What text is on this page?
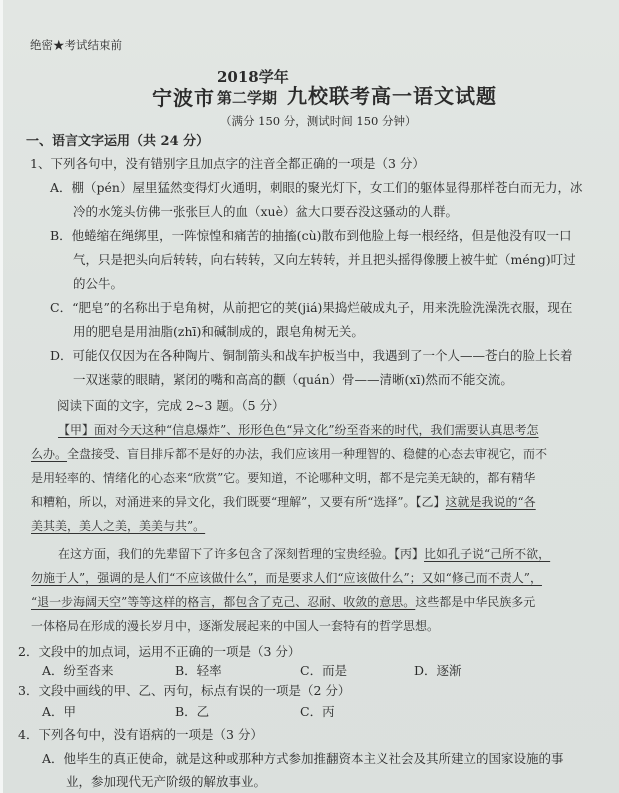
绝密★考试结束前
宁波市
2018学年
第二学期 九校联考高一语文试题
（满分 150 分，测试时间 150 分钟）
一、语言文字运用（共 24 分）
1、下列各句中，没有错别字且加点字的注音全都正确的一项是（3 分）
A．棚（pén）屋里猛然变得灯火通明，刺眼的聚光灯下，女工们的躯体显得那样苍白而无力，冰
冷的水笼头仿佛一张张巨人的血（xuè）盆大口要吞没这骚动的人群。
B．他蜷缩在绳绑里，一阵惊惶和痛苦的抽搐(cù)散布到他脸上每一根经络，但是他没有叹一口
气，只是把头向后转转，向右转转，又向左转转，并且把头摇得像腰上被牛虻（méng)叮过
的公牛。
C．“肥皂”的名称出于皂角树，从前把它的荚(jiá)果捣烂破成丸子，用来洗脸洗澡洗衣服，现在
用的肥皂是用油脂(zhī)和碱制成的，跟皂角树无关。
D．可能仅仅因为在各种陶片、铜制箭头和战车护板当中，我遇到了一个人——苍白的脸上长着
一双迷蒙的眼睛，紧闭的嘴和高高的颧（quán）骨——清晰(xī)然而不能交流。
阅读下面的文字，完成 2~3 题。（5 分）
【甲】面对今天这种“信息爆炸”、形形色色“异文化”纷至沓来的时代，我们需要认真思考怎
么办。全盘接受、盲目排斥都不是好的办法，我们应该用一种理智的、稳健的心态去审视它，而不
是用轻率的、情绪化的心态来“欣赏”它。要知道，不论哪种文明，都不是完美无缺的，都有精华
和糟粕，所以，对涌进来的异文化，我们既要“理解”，又要有所“选择”。【乙】这就是我说的“各
美其美，美人之美，美美与共”。
在这方面，我们的先辈留下了许多包含了深刻哲理的宝贵经验。【丙】比如孔子说“己所不欲，
勿施于人”，强调的是人们“不应该做什么”，而是要求人们“应该做什么”；又如“修己而不责人”，
“退一步海阔天空”等等这样的格言，都包含了克己、忍耐、收敛的意思。这些都是中华民族多元
一体格局在形成的漫长岁月中，逐渐发展起来的中国人一套特有的哲学思想。
2．文段中的加点词，运用不正确的一项是（3 分）
A．纷至沓来	B．轻率	C．而是	D．逐渐
3．文段中画线的甲、乙、丙句，标点有误的一项是（2 分）
A．甲	B．乙	C．丙
4．下列各句中，没有语病的一项是（3 分）
A．他毕生的真正使命，就是这种或那种方式参加推翻资本主义社会及其所建立的国家设施的事
业，参加现代无产阶级的解放事业。
